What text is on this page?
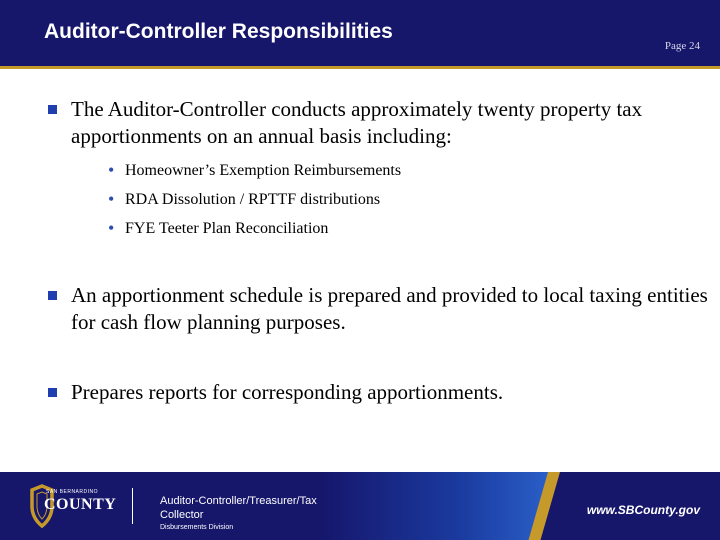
Auditor-Controller Responsibilities
Page 24
The Auditor-Controller conducts approximately twenty property tax apportionments on an annual basis including:
• Homeowner’s Exemption Reimbursements
• RDA Dissolution / RPTTF distributions
• FYE Teeter Plan Reconciliation
An apportionment schedule is prepared and provided to local taxing entities for cash flow planning purposes.
Prepares reports for corresponding apportionments.
SAN BERNARDINO
COUNTY	Auditor-Controller/Treasurer/Tax Collector
Disbursements Division
www.SBCounty.gov
